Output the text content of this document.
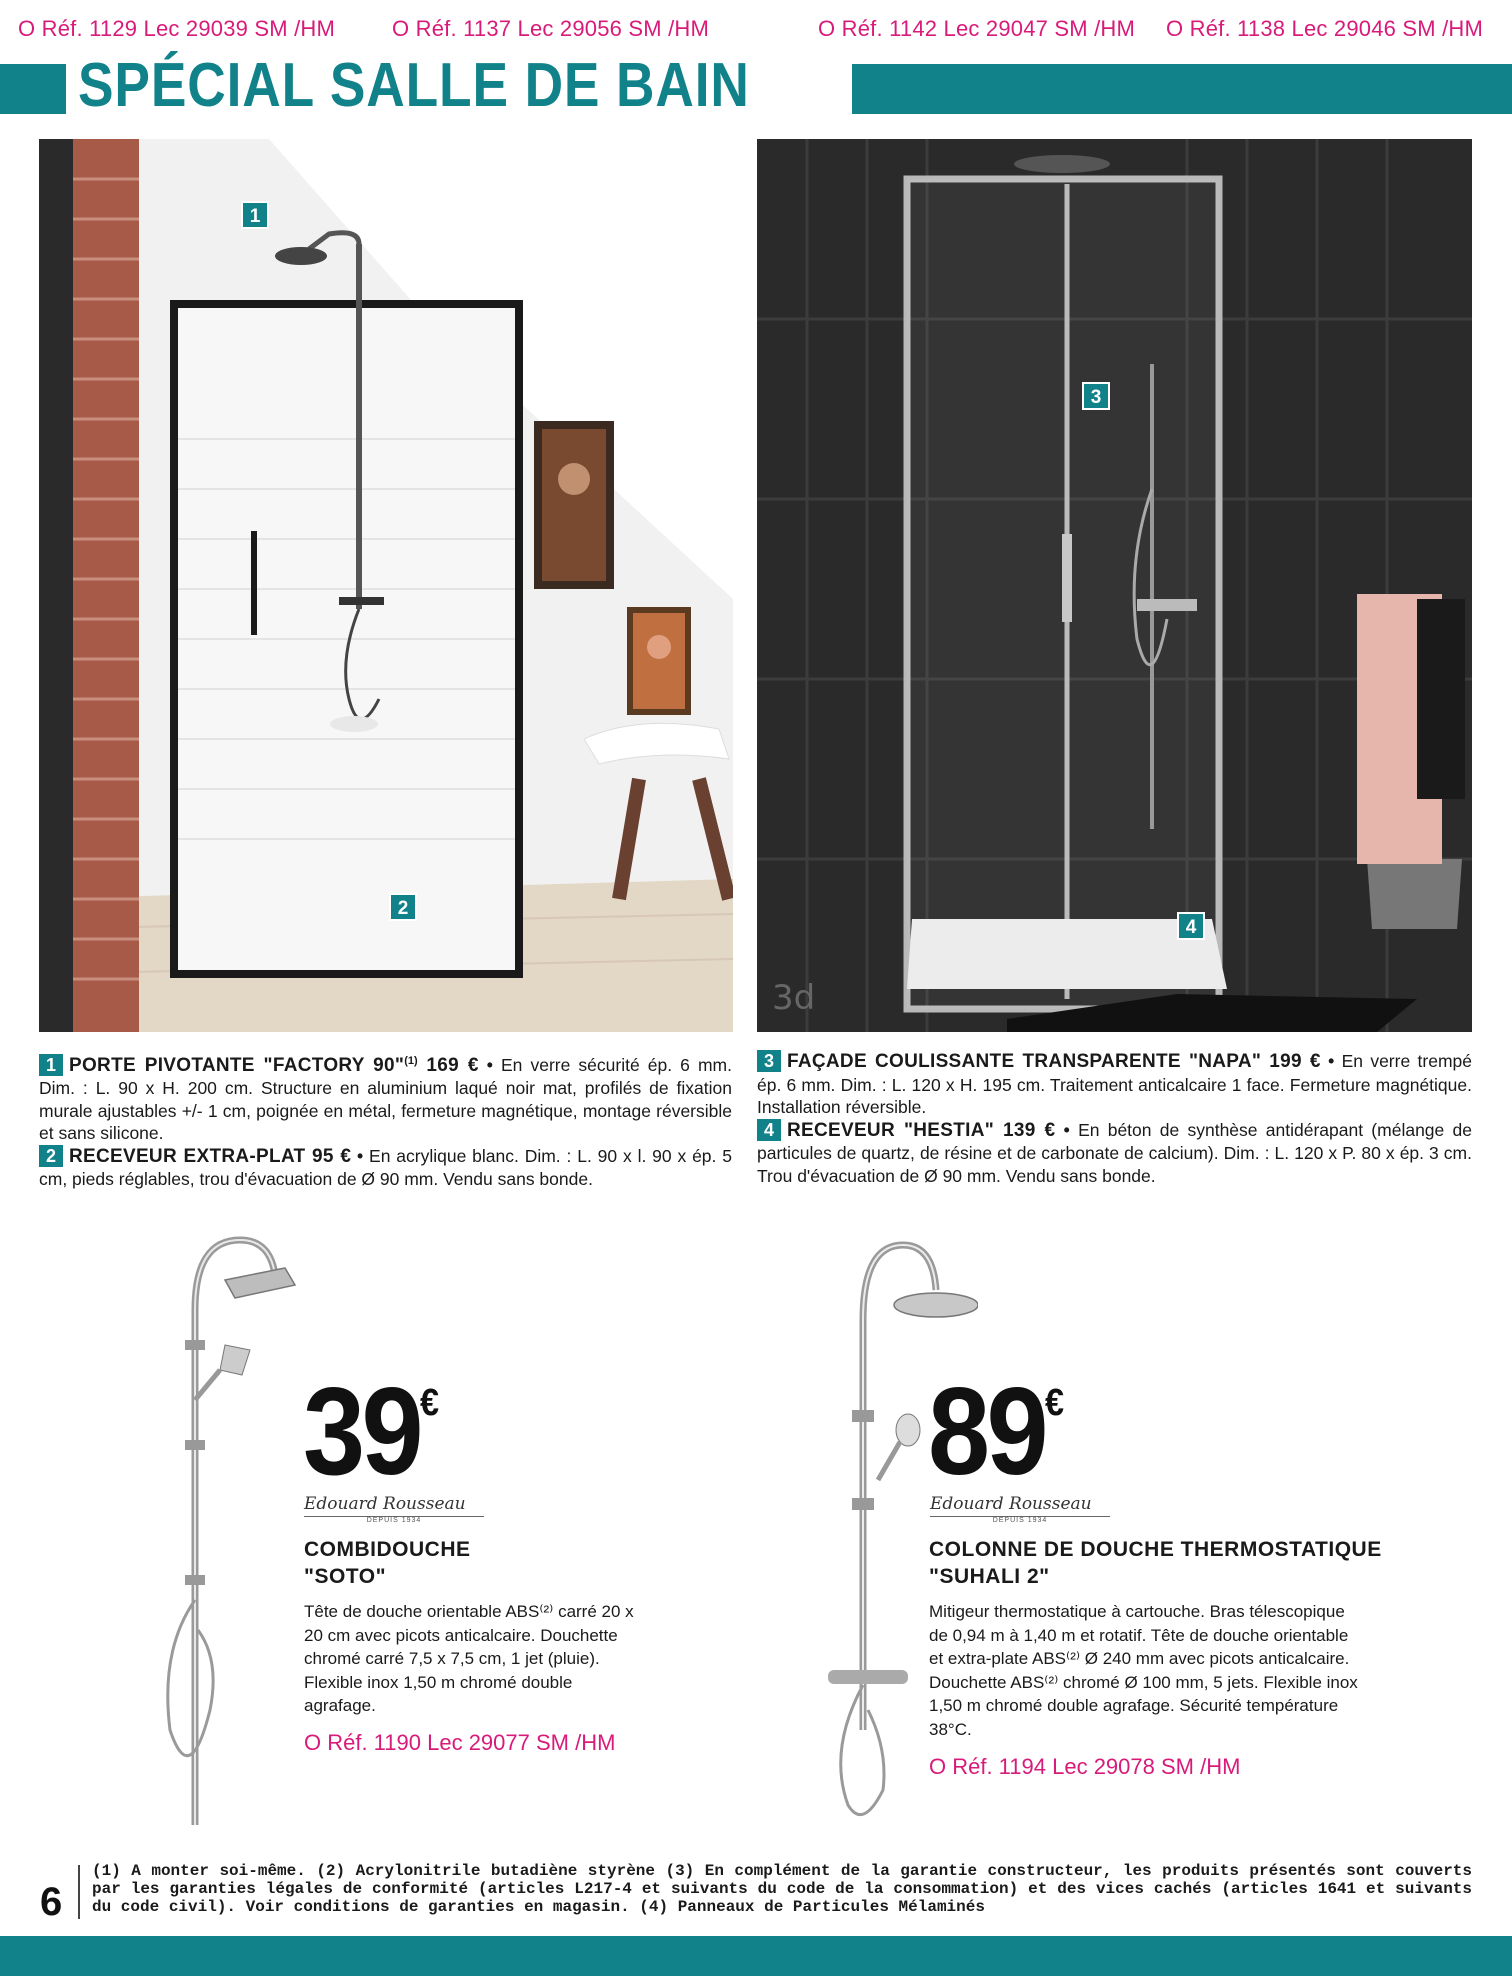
O Réf. 1129 Lec 29039 SM /HM	O Réf. 1137 Lec 29056 SM /HM	O Réf. 1142 Lec 29047 SM /HM O Réf. 1138 Lec 29046 SM /HM
SPÉCIAL SALLE DE BAIN
1
2
3d
3
4

1 PORTE PIVOTANTE "FACTORY 90"$^{(1)}$ 169 € • En verre sécurité ép. 6 mm. Dim. : L. 90 x H. 200 cm. Structure en aluminium laqué noir mat, profilés de fixation murale ajustables +/- 1 cm, poignée en métal, fermeture magnétique, montage réversible et sans silicone.

2 RECEVEUR EXTRA-PLAT 95 € • En acrylique blanc. Dim. : L. 90 x l. 90 x ép. 5 cm, pieds réglables, trou d'évacuation de Ø 90 mm. Vendu sans bonde.

3 FAÇADE COULISSANTE TRANSPARENTE "NAPA" 199 € • En verre trempé ép. 6 mm. Dim. : L. 120 x H. 195 cm. Traitement anticalcaire 1 face. Fermeture magnétique. Installation réversible.

4 RECEVEUR "HESTIA" 139 € • En béton de synthèse antidérapant (mélange de particules de quartz, de résine et de carbonate de calcium). Dim. : L. 120 x P. 80 x ép. 3 cm. Trou d'évacuation de Ø 90 mm. Vendu sans bonde.

39€
Edouard Rousseau
DEPUIS 1934
COMBIDOUCHE
"SOTO"
Tête de douche orientable ABS⁽²⁾ carré 20 x 20 cm avec picots anticalcaire. Douchette chromé carré 7,5 x 7,5 cm, 1 jet (pluie). Flexible inox 1,50 m chromé double agrafage.
O Réf. 1190 Lec 29077 SM /HM
89€
Edouard Rousseau
DEPUIS 1934
COLONNE DE DOUCHE THERMOSTATIQUE
"SUHALI 2"
Mitigeur thermostatique à cartouche. Bras télescopique de 0,94 m à 1,40 m et rotatif. Tête de douche orientable et extra-plate ABS⁽²⁾ Ø 240 mm avec picots anticalcaire. Douchette ABS⁽²⁾ chromé Ø 100 mm, 5 jets. Flexible inox 1,50 m chromé double agrafage. Sécurité température 38°C.
O Réf. 1194 Lec 29078 SM /HM
6
(1) A monter soi-même. (2) Acrylonitrile butadiène styrène (3) En complément de la garantie constructeur, les produits présentés sont couverts par les garanties légales de conformité (articles L217-4 et suivants du code de la consommation) et des vices cachés (articles 1641 et suivants du code civil). Voir conditions de garanties en magasin. (4) Panneaux de Particules Mélaminés
